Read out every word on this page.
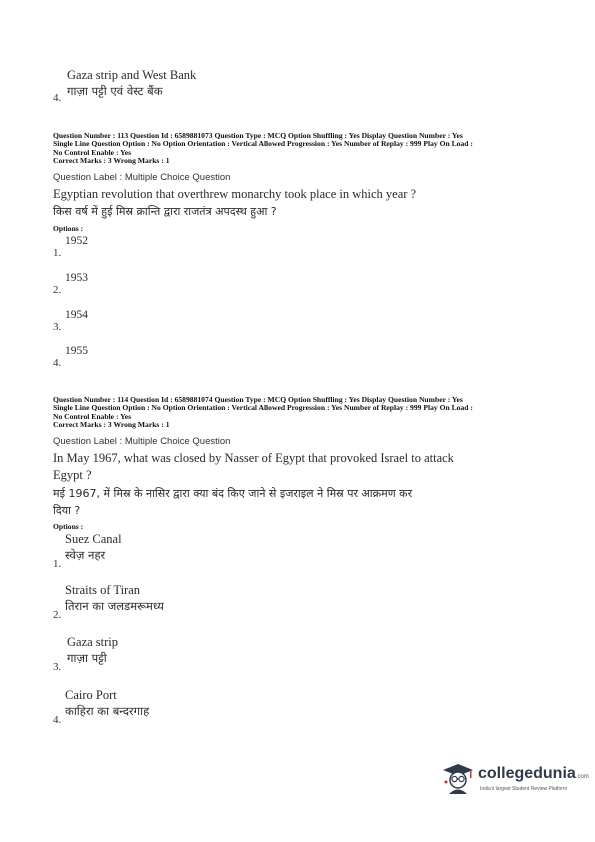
Gaza strip and West Bank
4. गाज़ा पट्टी एवं वेस्ट बैंक
Question Number : 113 Question Id : 6589881073 Question Type : MCQ Option Shuffling : Yes Display Question Number : Yes
Single Line Question Option : No Option Orientation : Vertical Allowed Progression : Yes Number of Replay : 999 Play On Load :
No Control Enable : Yes
Correct Marks : 3 Wrong Marks : 1
Question Label : Multiple Choice Question
Egyptian revolution that overthrew monarchy took place in which year ?
किस वर्ष में हुई मिस्र क्रान्ति द्वारा राजतंत्र अपदस्थ हुआ ?
Options :
1952
1.
1953
2.
1954
3.
1955
4.
Question Number : 114 Question Id : 6589881074 Question Type : MCQ Option Shuffling : Yes Display Question Number : Yes
Single Line Question Option : No Option Orientation : Vertical Allowed Progression : Yes Number of Replay : 999 Play On Load :
No Control Enable : Yes
Correct Marks : 3 Wrong Marks : 1
Question Label : Multiple Choice Question
In May 1967, what was closed by Nasser of Egypt that provoked Israel to attack
Egypt ?
मई 1967, में मिस्र के नासिर द्वारा क्या बंद किए जाने से इजराइल ने मिस्र पर आक्रमण कर
दिया ?
Options :
Suez Canal
स्वेज़ नहर
1.
Straits of Tiran
तिरान का जलडमरूमध्य
2.
Gaza strip
गाज़ा पट्टी
3.
Cairo Port
काहिरा का बन्दरगाह
4.
collegedunia.com
India's largest Student Review Platform
